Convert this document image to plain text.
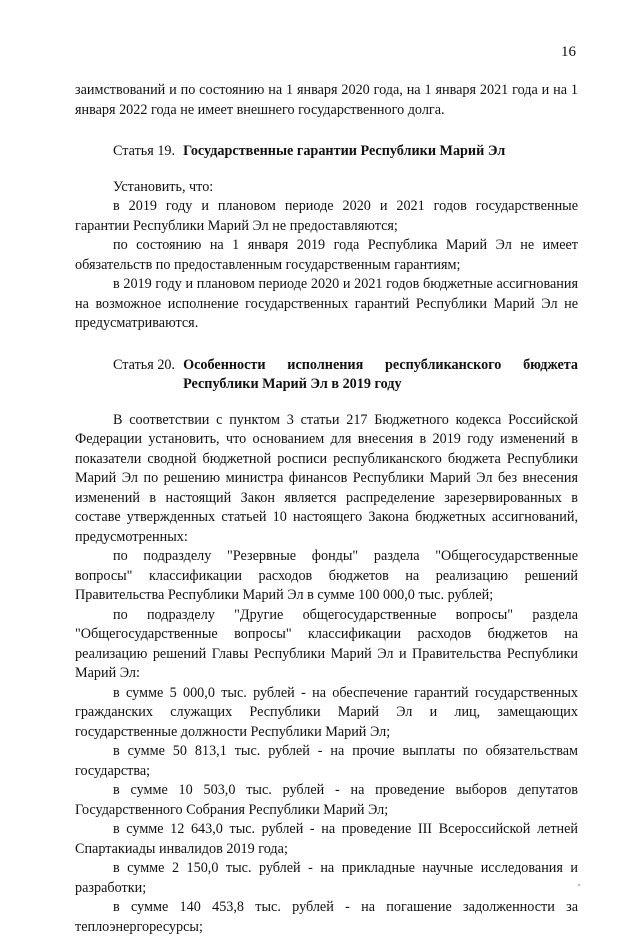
16

заимствований и по состоянию на 1 января 2020 года, на 1 января 2021 года и на 1 января 2022 года не имеет внешнего государственного долга.

Статья 19. Государственные гарантии Республики Марий Эл

Установить, что:

в 2019 году и плановом периоде 2020 и 2021 годов государственные гарантии Республики Марий Эл не предоставляются;

по состоянию на 1 января 2019 года Республика Марий Эл не имеет обязательств по предоставленным государственным гарантиям;

в 2019 году и плановом периоде 2020 и 2021 годов бюджетные ассигнования на возможное исполнение государственных гарантий Республики Марий Эл не предусматриваются.

Статья 20. Особенности исполнения республиканского бюджета Республики Марий Эл в 2019 году

В соответствии с пунктом 3 статьи 217 Бюджетного кодекса Российской Федерации установить, что основанием для внесения в 2019 году изменений в показатели сводной бюджетной росписи республиканского бюджета Республики Марий Эл по решению министра финансов Республики Марий Эл без внесения изменений в настоящий Закон является распределение зарезервированных в составе утвержденных статьей 10 настоящего Закона бюджетных ассигнований, предусмотренных:

по подразделу "Резервные фонды" раздела "Общегосударственные вопросы" классификации расходов бюджетов на реализацию решений Правительства Республики Марий Эл в сумме 100 000,0 тыс. рублей;

по подразделу "Другие общегосударственные вопросы" раздела "Общегосударственные вопросы" классификации расходов бюджетов на реализацию решений Главы Республики Марий Эл и Правительства Республики Марий Эл:

в сумме 5 000,0 тыс. рублей - на обеспечение гарантий государственных гражданских служащих Республики Марий Эл и лиц, замещающих государственные должности Республики Марий Эл;

в сумме 50 813,1 тыс. рублей - на прочие выплаты по обязательствам государства;

в сумме 10 503,0 тыс. рублей - на проведение выборов депутатов Государственного Собрания Республики Марий Эл;

в сумме 12 643,0 тыс. рублей - на проведение III Всероссийской летней Спартакиады инвалидов 2019 года;

в сумме 2 150,0 тыс. рублей - на прикладные научные исследования и разработки;

в сумме 140 453,8 тыс. рублей - на погашение задолженности за теплоэнергоресурсы;
